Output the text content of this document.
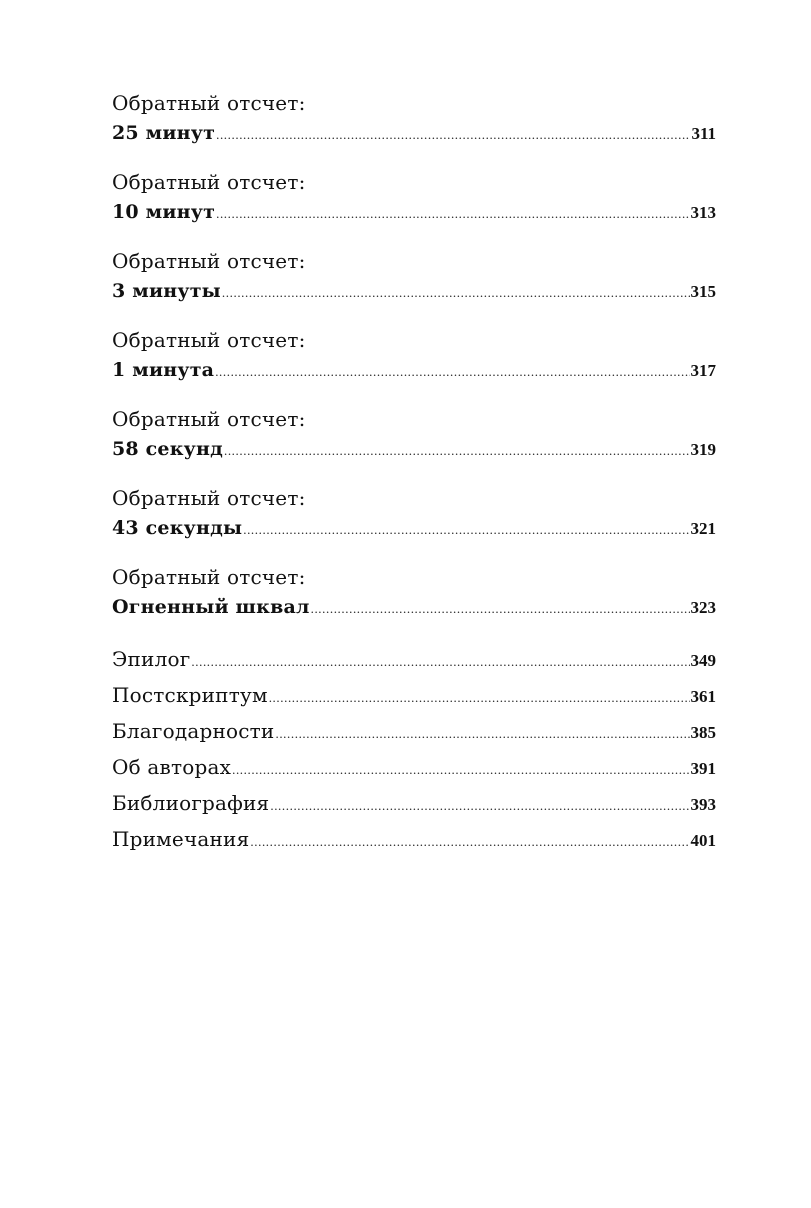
Обратный отсчет:
25 минут .....	311
Обратный отсчет:
10 минут .....	313
Обратный отсчет:
3 минуты .....	315
Обратный отсчет:
1 минута .....	317
Обратный отсчет:
58 секунд .....	319
Обратный отсчет:
43 секунды .....	321
Обратный отсчет:
Огненный шквал .....	323
Эпилог .....	349
Постскриптум .....	361
Благодарности .....	385
Об авторах .....	391
Библиография .....	393
Примечания .....	401
